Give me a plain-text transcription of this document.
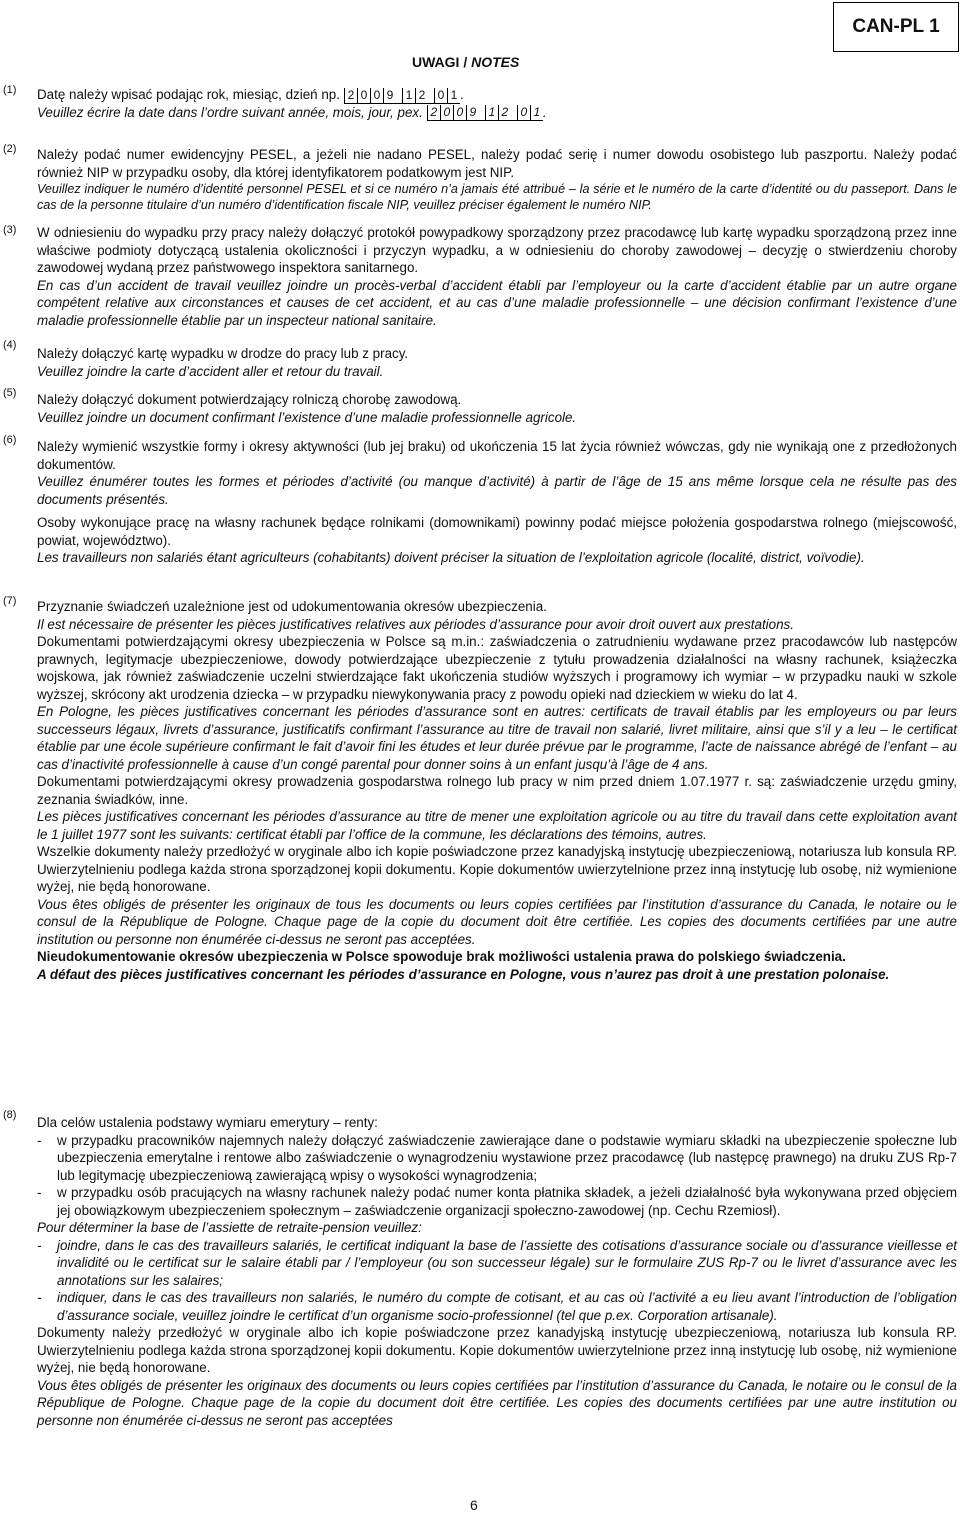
CAN-PL 1
UWAGI / NOTES
(1)
(2)
(3)
(4)
(5)
(6)
(7)
(8)

Datę należy wpisać podając rok, miesiąc, dzień np. 2 0 0 9	1 2	0 1 .

Veuillez écrire la date dans l’ordre suivant année, mois, jour, pex. 2 0 0 9	1 2	0 1 .

Należy podać numer ewidencyjny PESEL, a jeżeli nie nadano PESEL, należy podać serię i numer dowodu osobistego lub paszportu. Należy podać również NIP w przypadku osoby, dla której identyfikatorem podatkowym jest NIP.

Veuillez indiquer le numéro d’identité personnel PESEL et si ce numéro n’a jamais été attribué – la série et le numéro de la carte d’identité ou du passeport. Dans le cas de la personne titulaire d’un numéro d’identification fiscale NIP, veuillez préciser également le numéro NIP.

W odniesieniu do wypadku przy pracy należy dołączyć protokół powypadkowy sporządzony przez pracodawcę lub kartę wypadku sporządzoną przez inne właściwe podmioty dotyczącą ustalenia okoliczności i przyczyn wypadku, a w odniesieniu do choroby zawodowej – decyzję o stwierdzeniu choroby zawodowej wydaną przez państwowego inspektora sanitarnego.

En cas d’un accident de travail veuillez joindre un procès-verbal d’accident établi par l’employeur ou la carte d’accident établie par un autre organe compétent relative aux circonstances et causes de cet accident, et au cas d’une maladie professionnelle – une décision confirmant l’existence d’une maladie professionnelle établie par un inspecteur national sanitaire.

Należy dołączyć kartę wypadku w drodze do pracy lub z pracy.

Veuillez joindre la carte d’accident aller et retour du travail.

Należy dołączyć dokument potwierdzający rolniczą chorobę zawodową.

Veuillez joindre un document confirmant l’existence d’une maladie professionnelle agricole.

Należy wymienić wszystkie formy i okresy aktywności (lub jej braku) od ukończenia 15 lat życia również wówczas, gdy nie wynikają one z przedłożonych dokumentów.

Veuillez énumérer toutes les formes et périodes d’activité (ou manque d’activité) à partir de l’âge de 15 ans même lorsque cela ne résulte pas des documents présentés.

Osoby wykonujące pracę na własny rachunek będące rolnikami (domownikami) powinny podać miejsce położenia gospodarstwa rolnego (miejscowość, powiat, województwo).

Les travailleurs non salariés étant agriculteurs (cohabitants) doivent préciser la situation de l’exploitation agricole (localité, district, voïvodie).

Przyznanie świadczeń uzależnione jest od udokumentowania okresów ubezpieczenia.

Il est nécessaire de présenter les pièces justificatives relatives aux périodes d’assurance pour avoir droit ouvert aux prestations.

Dokumentami potwierdzającymi okresy ubezpieczenia w Polsce są m.in.: zaświadczenia o zatrudnieniu wydawane przez pracodawców lub następców prawnych, legitymacje ubezpieczeniowe, dowody potwierdzające ubezpieczenie z tytułu prowadzenia działalności na własny rachunek, książeczka wojskowa, jak również zaświadczenie uczelni stwierdzające fakt ukończenia studiów wyższych i programowy ich wymiar – w przypadku nauki w szkole wyższej, skrócony akt urodzenia dziecka – w przypadku niewykonywania pracy z powodu opieki nad dzieckiem w wieku do lat 4.

En Pologne, les pièces justificatives concernant les périodes d’assurance sont en autres: certificats de travail établis par les employeurs ou par leurs successeurs légaux, livrets d’assurance, justificatifs confirmant l’assurance au titre de travail non salarié, livret militaire, ainsi que s’il y a leu – le certificat établie par une école supérieure confirmant le fait d’avoir fini les études et leur durée prévue par le programme, l’acte de naissance abrégé de l’enfant – au cas d’inactivité professionnelle à cause d’un congé parental pour donner soins à un enfant jusqu’à l’âge de 4 ans.

Dokumentami potwierdzającymi okresy prowadzenia gospodarstwa rolnego lub pracy w nim przed dniem 1.07.1977 r. są: zaświadczenie urzędu gminy, zeznania świadków, inne.

Les pièces justificatives concernant les périodes d’assurance au titre de mener une exploitation agricole ou au titre du travail dans cette exploitation avant le 1 juillet 1977 sont les suivants: certificat établi par l’office de la commune, les déclarations des témoins, autres.

Wszelkie dokumenty należy przedłożyć w oryginale albo ich kopie poświadczone przez kanadyjską instytucję ubezpieczeniową, notariusza lub konsula RP. Uwierzytelnieniu podlega każda strona sporządzonej kopii dokumentu. Kopie dokumentów uwierzytelnione przez inną instytucję lub osobę, niż wymienione wyżej, nie będą honorowane.

Vous êtes obligés de présenter les originaux de tous les documents ou leurs copies certifiées par l’institution d’assurance du Canada, le notaire ou le consul de la République de Pologne. Chaque page de la copie du document doit être certifiée. Les copies des documents certifiées par une autre institution ou personne non énumérée ci-dessus ne seront pas acceptées.

Nieudokumentowanie okresów ubezpieczenia w Polsce spowoduje brak możliwości ustalenia prawa do polskiego świadczenia.

A défaut des pièces justificatives concernant les périodes d’assurance en Pologne, vous n’aurez pas droit à une prestation polonaise.

Dla celów ustalenia podstawy wymiaru emerytury – renty:

-	w przypadku pracowników najemnych należy dołączyć zaświadczenie zawierające dane o podstawie wymiaru składki na ubezpieczenie społeczne lub ubezpieczenia emerytalne i rentowe albo zaświadczenie o wynagrodzeniu wystawione przez pracodawcę (lub następcę prawnego) na druku ZUS Rp-7 lub legitymację ubezpieczeniową zawierającą wpisy o wysokości wynagrodzenia;
-	w przypadku osób pracujących na własny rachunek należy podać numer konta płatnika składek, a jeżeli działalność była wykonywana przed objęciem jej obowiązkowym ubezpieczeniem społecznym – zaświadczenie organizacji społeczno-zawodowej (np. Cechu Rzemiosł).

Pour déterminer la base de l’assiette de retraite-pension veuillez:

-	joindre, dans le cas des travailleurs salariés, le certificat indiquant la base de l’assiette des cotisations d’assurance sociale ou d’assurance vieillesse et invalidité ou le certificat sur le salaire établi par / l’employeur (ou son successeur légale) sur le formulaire ZUS Rp-7 ou le livret d’assurance avec les annotations sur les salaires;
-	indiquer, dans le cas des travailleurs non salariés, le numéro du compte de cotisant, et au cas où l’activité a eu lieu avant l’introduction de l’obligation d’assurance sociale, veuillez joindre le certificat d’un organisme socio-professionnel (tel que p.ex. Corporation artisanale).

Dokumenty należy przedłożyć w oryginale albo ich kopie poświadczone przez kanadyjską instytucję ubezpieczeniową, notariusza lub konsula RP. Uwierzytelnieniu podlega każda strona sporządzonej kopii dokumentu. Kopie dokumentów uwierzytelnione przez inną instytucję lub osobę, niż wymienione wyżej, nie będą honorowane.

Vous êtes obligés de présenter les originaux des documents ou leurs copies certifiées par l’institution d’assurance du Canada, le notaire ou le consul de la République de Pologne. Chaque page de la copie du document doit être certifiée. Les copies des documents certifiées par une autre institution ou personne non énumérée ci-dessus ne seront pas acceptées

6
